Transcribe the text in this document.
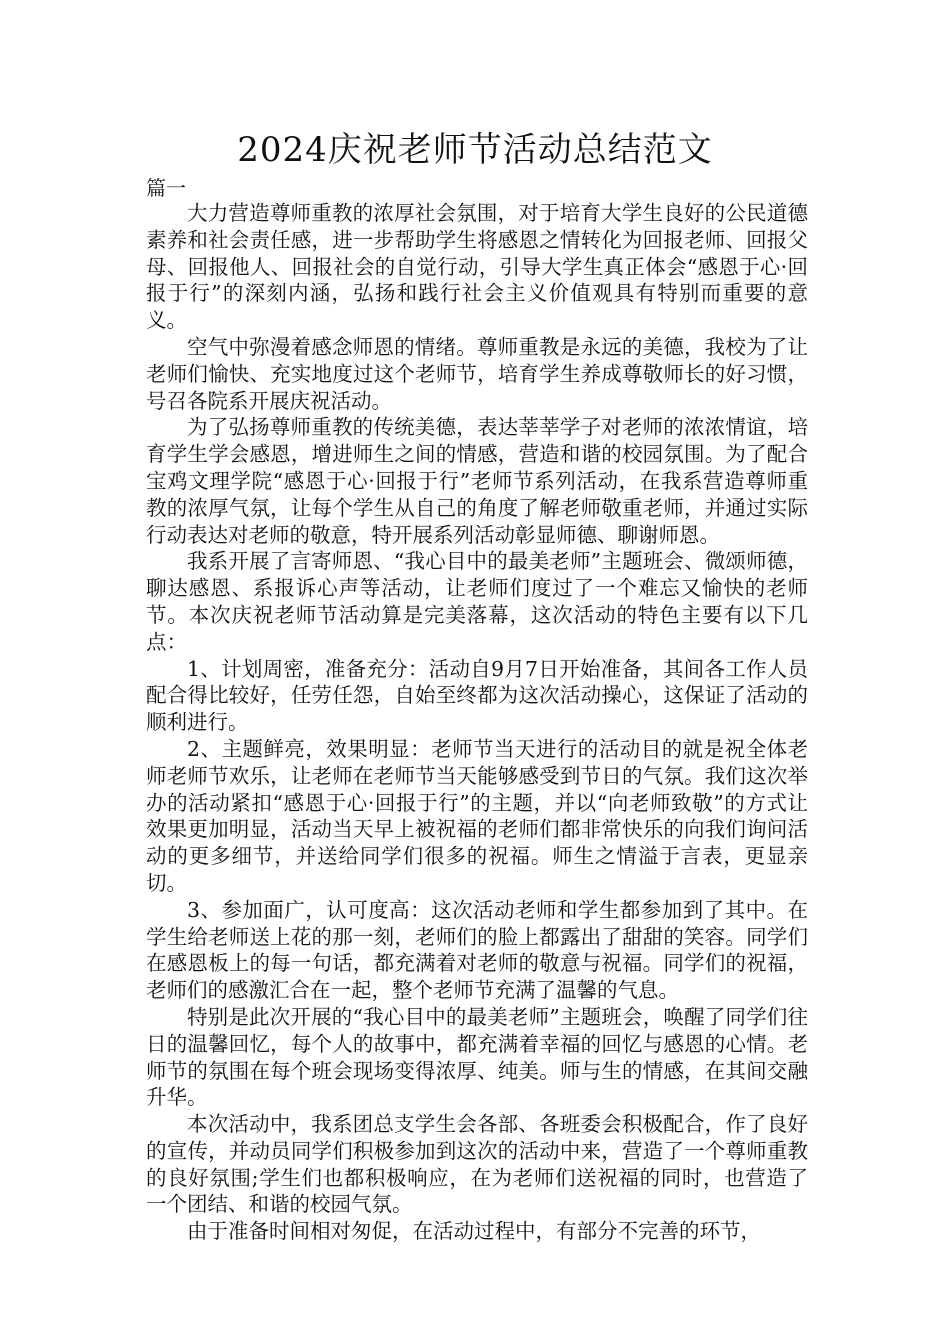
2024庆祝老师节活动总结范文
篇一

大力营造尊师重教的浓厚社会氛围，对于培育大学生良好的公民道德素养和社会责任感，进一步帮助学生将感恩之情转化为回报老师、回报父母、回报他人、回报社会的自觉行动，引导大学生真正体会“感恩于心·回报于行”的深刻内涵，弘扬和践行社会主义价值观具有特别而重要的意义。

空气中弥漫着感念师恩的情绪。尊师重教是永远的美德，我校为了让老师们愉快、充实地度过这个老师节，培育学生养成尊敬师长的好习惯，号召各院系开展庆祝活动。

为了弘扬尊师重教的传统美德，表达莘莘学子对老师的浓浓情谊，培育学生学会感恩，增进师生之间的情感，营造和谐的校园氛围。为了配合宝鸡文理学院“感恩于心·回报于行”老师节系列活动，在我系营造尊师重教的浓厚气氛，让每个学生从自己的角度了解老师敬重老师，并通过实际行动表达对老师的敬意，特开展系列活动彰显师德、聊谢师恩。

我系开展了言寄师恩、“我心目中的最美老师”主题班会、微颂师德，聊达感恩、系报诉心声等活动，让老师们度过了一个难忘又愉快的老师节。本次庆祝老师节活动算是完美落幕，这次活动的特色主要有以下几点：

1、计划周密，准备充分：活动自9月7日开始准备，其间各工作人员配合得比较好，任劳任怨，自始至终都为这次活动操心，这保证了活动的顺利进行。

2、主题鲜亮，效果明显：老师节当天进行的活动目的就是祝全体老师老师节欢乐，让老师在老师节当天能够感受到节日的气氛。我们这次举办的活动紧扣“感恩于心·回报于行”的主题，并以“向老师致敬”的方式让效果更加明显，活动当天早上被祝福的老师们都非常快乐的向我们询问活动的更多细节，并送给同学们很多的祝福。师生之情溢于言表，更显亲切。

3、参加面广，认可度高：这次活动老师和学生都参加到了其中。在学生给老师送上花的那一刻，老师们的脸上都露出了甜甜的笑容。同学们在感恩板上的每一句话，都充满着对老师的敬意与祝福。同学们的祝福，老师们的感激汇合在一起，整个老师节充满了温馨的气息。

特别是此次开展的“我心目中的最美老师”主题班会，唤醒了同学们往日的温馨回忆，每个人的故事中，都充满着幸福的回忆与感恩的心情。老师节的氛围在每个班会现场变得浓厚、纯美。师与生的情感，在其间交融升华。

本次活动中，我系团总支学生会各部、各班委会积极配合，作了良好的宣传，并动员同学们积极参加到这次的活动中来，营造了一个尊师重教的良好氛围;学生们也都积极响应，在为老师们送祝福的同时，也营造了一个团结、和谐的校园气氛。

由于准备时间相对匆促，在活动过程中，有部分不完善的环节，
